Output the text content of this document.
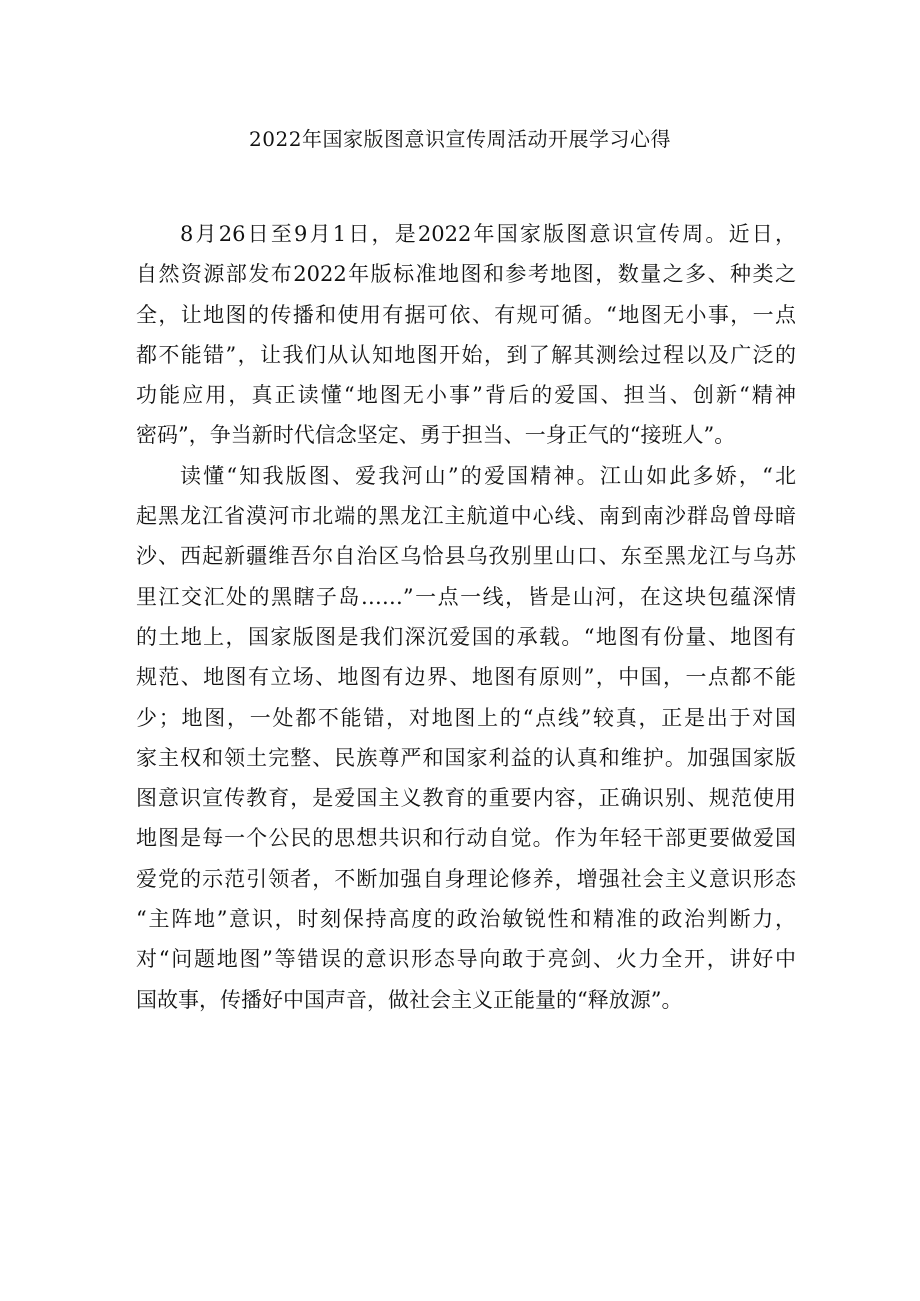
2022年国家版图意识宣传周活动开展学习心得
8月26日至9月1日，是2022年国家版图意识宣传周。近日，
自然资源部发布2022年版标准地图和参考地图，数量之多、种类之
全，让地图的传播和使用有据可依、有规可循。“地图无小事，一点
都不能错”，让我们从认知地图开始，到了解其测绘过程以及广泛的
功能应用，真正读懂“地图无小事”背后的爱国、担当、创新“精神
密码”，争当新时代信念坚定、勇于担当、一身正气的“接班人”。
读懂“知我版图、爱我河山”的爱国精神。江山如此多娇，“北
起黑龙江省漠河市北端的黑龙江主航道中心线、南到南沙群岛曾母暗
沙、西起新疆维吾尔自治区乌恰县乌孜别里山口、东至黑龙江与乌苏
里江交汇处的黑瞎子岛……”一点一线，皆是山河，在这块包蕴深情
的土地上，国家版图是我们深沉爱国的承载。“地图有份量、地图有
规范、地图有立场、地图有边界、地图有原则”，中国，一点都不能
少；地图，一处都不能错，对地图上的“点线”较真，正是出于对国
家主权和领土完整、民族尊严和国家利益的认真和维护。加强国家版
图意识宣传教育，是爱国主义教育的重要内容，正确识别、规范使用
地图是每一个公民的思想共识和行动自觉。作为年轻干部更要做爱国
爱党的示范引领者，不断加强自身理论修养，增强社会主义意识形态
“主阵地”意识，时刻保持高度的政治敏锐性和精准的政治判断力，
对“问题地图”等错误的意识形态导向敢于亮剑、火力全开，讲好中
国故事，传播好中国声音，做社会主义正能量的“释放源”。
